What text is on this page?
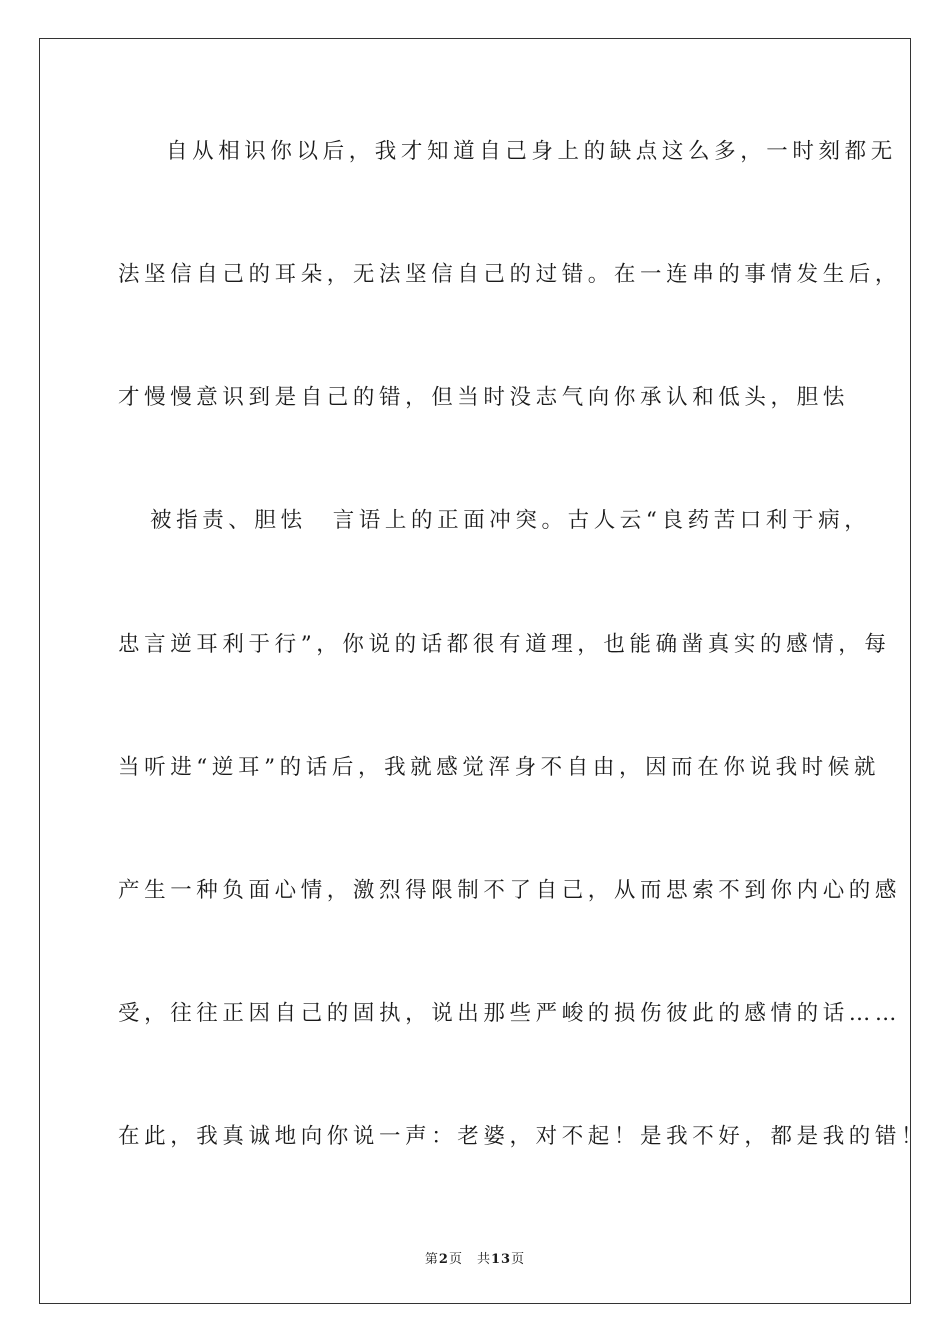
自从相识你以后，我才知道自己身上的缺点这么多，一时刻都无
法坚信自己的耳朵，无法坚信自己的过错。在一连串的事情发生后，
才慢慢意识到是自己的错，但当时没志气向你承认和低头，胆怯
被指责、胆怯　言语上的正面冲突。古人云“良药苦口利于病，
忠言逆耳利于行”，你说的话都很有道理，也能确凿真实的感情，每
当听进“逆耳”的话后，我就感觉浑身不自由，因而在你说我时候就
产生一种负面心情，激烈得限制不了自己，从而思索不到你内心的感
受，往往正因自己的固执，说出那些严峻的损伤彼此的感情的话……
在此，我真诚地向你说一声：老婆，对不起！是我不好，都是我的错！
第2页 共13页
